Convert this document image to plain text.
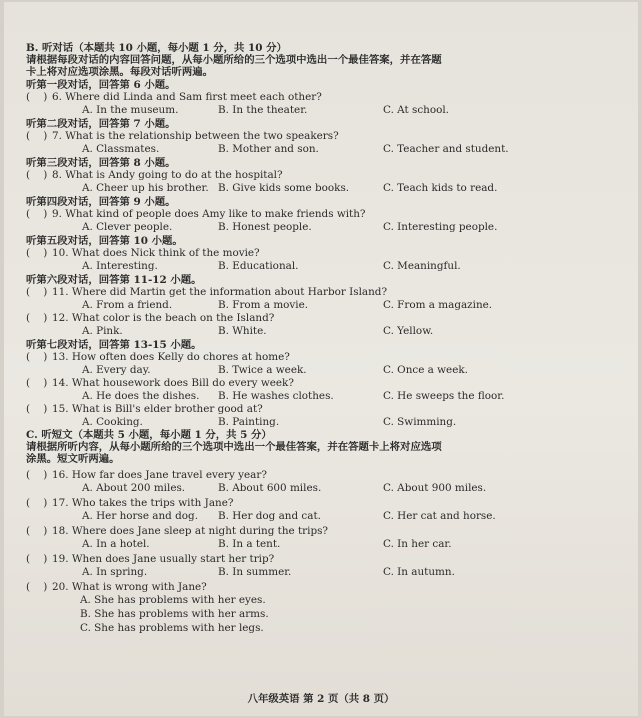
B. 听对话（本题共 10 小题，每小题 1 分，共 10 分）
请根据每段对话的内容回答问题，从每小题所给的三个选项中选出一个最佳答案，并在答题
卡上将对应选项涂黑。每段对话听两遍。
听第一段对话，回答第 6 小题。
(    ) 6. Where did Linda and Sam first meet each other?
A. In the museum.	B. In the theater.	C. At school.
听第二段对话，回答第 7 小题。
(    ) 7. What is the relationship between the two speakers?
A. Classmates.	B. Mother and son.	C. Teacher and student.
听第三段对话，回答第 8 小题。
(    ) 8. What is Andy going to do at the hospital?
A. Cheer up his brother. B. Give kids some books.	C. Teach kids to read.
听第四段对话，回答第 9 小题。
(    ) 9. What kind of people does Amy like to make friends with?
A. Clever people.	B. Honest people.	C. Interesting people.
听第五段对话，回答第 10 小题。
(    ) 10. What does Nick think of the movie?
A. Interesting.	B. Educational.	C. Meaningful.
听第六段对话，回答第 11-12 小题。
(    ) 11. Where did Martin get the information about Harbor Island?
A. From a friend.	B. From a movie.	C. From a magazine.
(    ) 12. What color is the beach on the Island?
A. Pink.	B. White.	C. Yellow.
听第七段对话，回答第 13-15 小题。
(    ) 13. How often does Kelly do chores at home?
A. Every day.	B. Twice a week.	C. Once a week.
(    ) 14. What housework does Bill do every week?
A. He does the dishes. B. He washes clothes.	C. He sweeps the floor.
(    ) 15. What is Bill's elder brother good at?
A. Cooking.	B. Painting.	C. Swimming.
C. 听短文（本题共 5 小题，每小题 1 分，共 5 分）
请根据所听内容，从每小题所给的三个选项中选出一个最佳答案，并在答题卡上将对应选项
涂黑。短文听两遍。
(    ) 16. How far does Jane travel every year?
A. About 200 miles.	B. About 600 miles.	C. About 900 miles.
(    ) 17. Who takes the trips with Jane?
A. Her horse and dog. B. Her dog and cat.	C. Her cat and horse.
(    ) 18. Where does Jane sleep at night during the trips?
A. In a hotel.	B. In a tent.	C. In her car.
(    ) 19. When does Jane usually start her trip?
A. In spring.	B. In summer.	C. In autumn.
(    ) 20. What is wrong with Jane?
A. She has problems with her eyes.
B. She has problems with her arms.
C. She has problems with her legs.
八年级英语 第 2 页（共 8 页）
